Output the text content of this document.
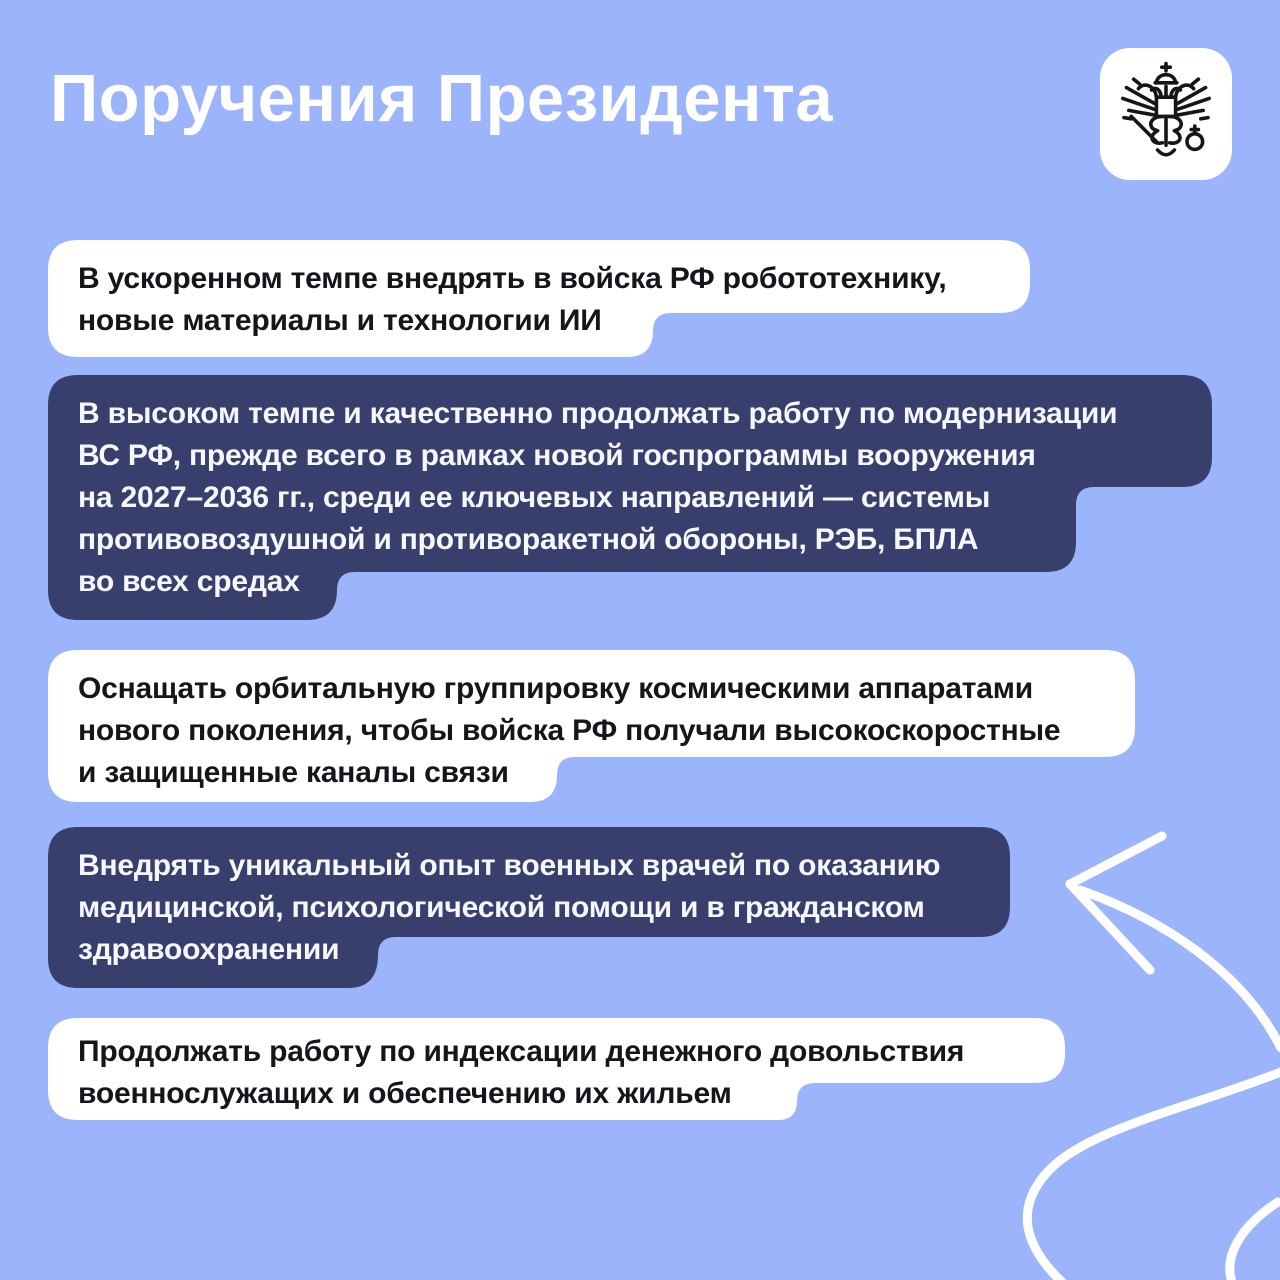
Поручения Президента
В ускоренном темпе внедрять в войска РФ робототехнику,
новые материалы и технологии ИИ
В высоком темпе и качественно продолжать работу по модернизации
ВС РФ, прежде всего в рамках новой госпрограммы вооружения
на 2027–2036 гг., среди ее ключевых направлений — системы
противовоздушной и противоракетной обороны, РЭБ, БПЛА
во всех средах
Оснащать орбитальную группировку космическими аппаратами
нового поколения, чтобы войска РФ получали высокоскоростные
и защищенные каналы связи
Внедрять уникальный опыт военных врачей по оказанию
медицинской, психологической помощи и в гражданском
здравоохранении
Продолжать работу по индексации денежного довольствия
военнослужащих и обеспечению их жильем
